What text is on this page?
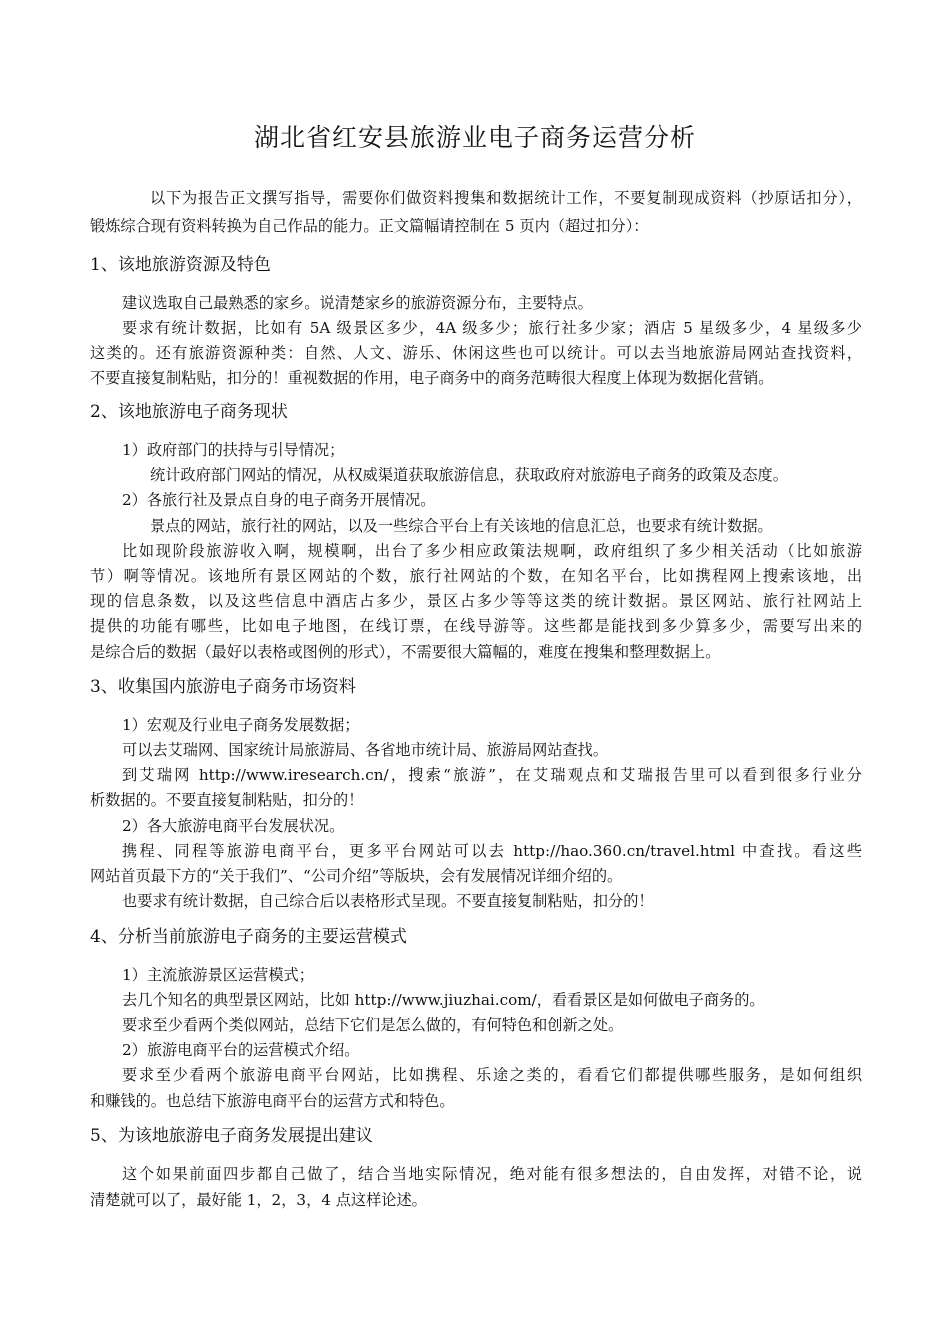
湖北省红安县旅游业电子商务运营分析
以下为报告正文撰写指导，需要你们做资料搜集和数据统计工作，不要复制现成资料（抄原话扣分），
锻炼综合现有资料转换为自己作品的能力。正文篇幅请控制在 5 页内（超过扣分）：
1、该地旅游资源及特色
建议选取自己最熟悉的家乡。说清楚家乡的旅游资源分布，主要特点。
要求有统计数据，比如有 5A 级景区多少，4A 级多少；旅行社多少家；酒店 5 星级多少，4 星级多少
这类的。还有旅游资源种类：自然、人文、游乐、休闲这些也可以统计。可以去当地旅游局网站查找资料，
不要直接复制粘贴，扣分的！重视数据的作用，电子商务中的商务范畴很大程度上体现为数据化营销。
2、该地旅游电子商务现状
1）政府部门的扶持与引导情况；
统计政府部门网站的情况，从权威渠道获取旅游信息，获取政府对旅游电子商务的政策及态度。
2）各旅行社及景点自身的电子商务开展情况。
景点的网站，旅行社的网站，以及一些综合平台上有关该地的信息汇总，也要求有统计数据。
比如现阶段旅游收入啊，规模啊，出台了多少相应政策法规啊，政府组织了多少相关活动（比如旅游
节）啊等情况。该地所有景区网站的个数，旅行社网站的个数，在知名平台，比如携程网上搜索该地，出
现的信息条数，以及这些信息中酒店占多少，景区占多少等等这类的统计数据。景区网站、旅行社网站上
提供的功能有哪些，比如电子地图，在线订票，在线导游等。这些都是能找到多少算多少，需要写出来的
是综合后的数据（最好以表格或图例的形式），不需要很大篇幅的，难度在搜集和整理数据上。
3、收集国内旅游电子商务市场资料
1）宏观及行业电子商务发展数据；
可以去艾瑞网、国家统计局旅游局、各省地市统计局、旅游局网站查找。
到艾瑞网 http://www.iresearch.cn/，搜索“旅游”，在艾瑞观点和艾瑞报告里可以看到很多行业分
析数据的。不要直接复制粘贴，扣分的！
2）各大旅游电商平台发展状况。
携程、同程等旅游电商平台，更多平台网站可以去 http://hao.360.cn/travel.html 中查找。看这些
网站首页最下方的“关于我们”、“公司介绍”等版块，会有发展情况详细介绍的。
也要求有统计数据，自己综合后以表格形式呈现。不要直接复制粘贴，扣分的！
4、分析当前旅游电子商务的主要运营模式
1）主流旅游景区运营模式；
去几个知名的典型景区网站，比如 http://www.jiuzhai.com/，看看景区是如何做电子商务的。
要求至少看两个类似网站，总结下它们是怎么做的，有何特色和创新之处。
2）旅游电商平台的运营模式介绍。
要求至少看两个旅游电商平台网站，比如携程、乐途之类的，看看它们都提供哪些服务，是如何组织
和赚钱的。也总结下旅游电商平台的运营方式和特色。
5、为该地旅游电子商务发展提出建议
这个如果前面四步都自己做了，结合当地实际情况，绝对能有很多想法的，自由发挥，对错不论，说
清楚就可以了，最好能 1，2，3，4 点这样论述。
